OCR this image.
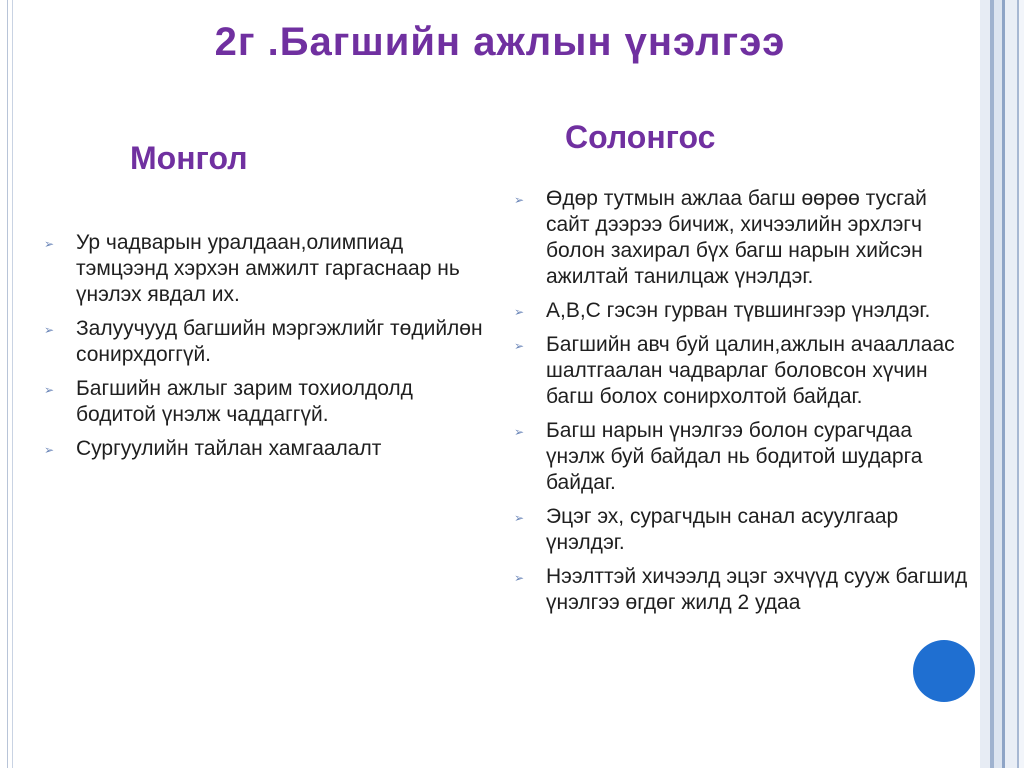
2г .Багшийн ажлын үнэлгээ
Монгол
Солонгос
➢ Ур чадварын уралдаан,олимпиад тэмцээнд хэрхэн амжилт гаргаснаар нь үнэлэх явдал их.
➢ Залуучууд багшийн мэргэжлийг төдийлөн сонирхдоггүй.
➢ Багшийн ажлыг зарим тохиолдолд бодитой үнэлж чаддаггүй.
➢ Сургуулийн тайлан хамгаалалт
➢ Өдөр тутмын ажлаа багш өөрөө тусгай сайт дээрээ бичиж, хичээлийн эрхлэгч болон захирал бүх багш нарын хийсэн ажилтай танилцаж үнэлдэг.
➢ A,B,C гэсэн гурван түвшингээр үнэлдэг.
➢ Багшийн авч буй цалин,ажлын ачааллаас шалтгаалан чадварлаг боловсон хүчин багш болох сонирхолтой байдаг.
➢ Багш нарын үнэлгээ болон сурагчдаа үнэлж буй байдал нь бодитой шударга байдаг.
➢ Эцэг эх, сурагчдын санал асуулгаар үнэлдэг.
➢ Нээлттэй хичээлд эцэг эхчүүд сууж багшид үнэлгээ өгдөг жилд 2 удаа
